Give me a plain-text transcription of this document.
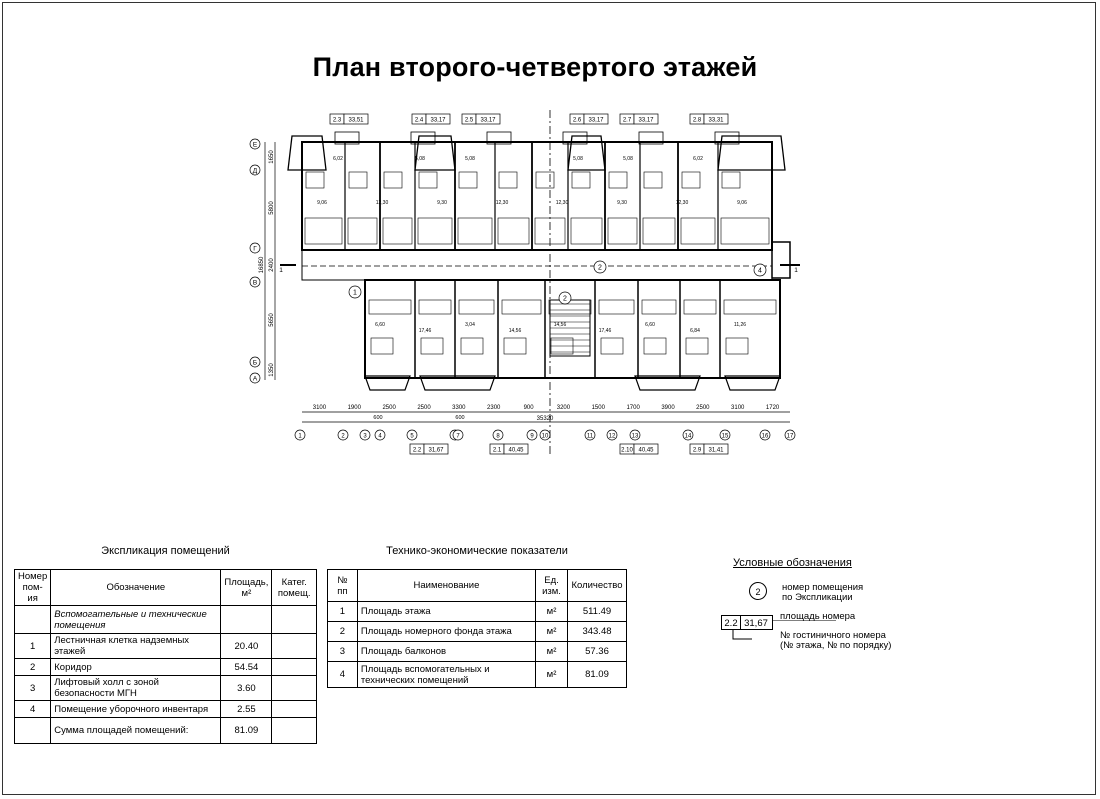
План второго-четвертого этажей
Е
Д
Г
В
Б
А
1650
5800
2400
16850
5650
1350
1	2	3 4	5	7	8	9 10	11	12	13	14	15	16	17
3100	1900	2500	2500	3300	2300	900	3200	1500	1700	3900	2500	3100	1720
600	600	35320
2.3 33,51	2.4 33,17	2.5 33,17	2.6 33,17	2.7 33,17	2.8 33,31
2.2 31,67	2.1 40,45	2.10 40,45	2.9 31,41
1
2
4
2
1	1
6,02	5,08	5,08	5,08	5,08	6,02
9,06	12,30	9,30	12,30	12,30	9,30	12,30	9,06
6,60
17,46
3,04
14,56
14,56
17,46
6,60
6,84
11,26
Экспликация помещений
Номер пом-ия	Обозначение	Площадь, м²	Катег. помещ.
	Вспомогательные и технические помещения		
1	Лестничная клетка надземных этажей	20.40	
2	Коридор	54.54	
3	Лифтовый холл с зоной безопасности МГН	3.60	
4	Помещение уборочного инвентаря	2.55	
	Сумма площадей помещений:	81.09	
Технико-экономические показатели
№ пп	Наименование	Ед. изм.	Количество
1	Площадь этажа	м²	511.49
2	Площадь номерного фонда этажа	м²	343.48
3	Площадь балконов	м²	57.36
4	Площадь вспомогательных и технических помещений	м²	81.09
Условные обозначения
2	номер помещения
по Экспликации
2.2 31,67
площадь номера
№ гостиничного номера
(№ этажа, № по порядку)
